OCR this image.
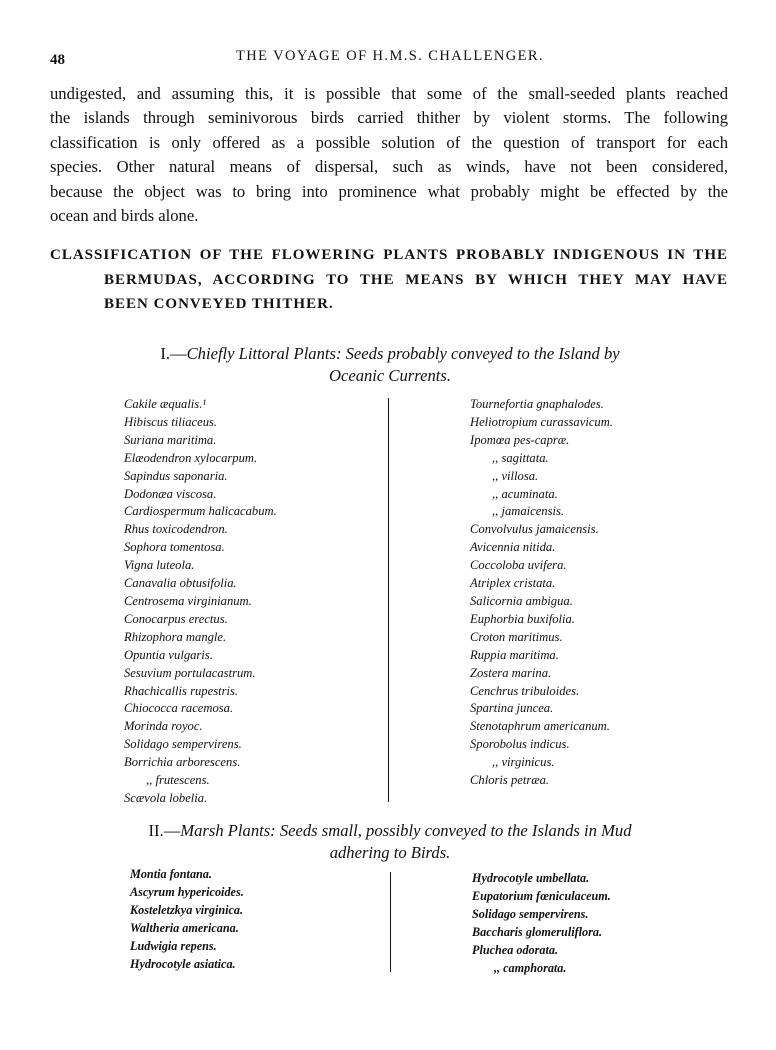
48	THE VOYAGE OF H.M.S. CHALLENGER.

undigested, and assuming this, it is possible that some of the small-seeded plants reached
the islands through seminivorous birds carried thither by violent storms. The following
classification is only offered as a possible solution of the question of transport for each
species. Other natural means of dispersal, such as winds, have not been considered,
because the object was to bring into prominence what probably might be effected by the
ocean and birds alone.

CLASSIFICATION OF THE FLOWERING PLANTS PROBABLY INDIGENOUS IN THE
BERMUDAS, ACCORDING TO THE MEANS BY WHICH THEY MAY HAVE
BEEN CONVEYED THITHER.
I.—Chiefly Littoral Plants: Seeds probably conveyed to the Island by
Oceanic Currents.
Cakile æqualis.¹
Hibiscus tiliaceus.
Suriana maritima.
Elæodendron xylocarpum.
Sapindus saponaria.
Dodonæa viscosa.
Cardiospermum halicacabum.
Rhus toxicodendron.
Sophora tomentosa.
Vigna luteola.
Canavalia obtusifolia.
Centrosema virginianum.
Conocarpus erectus.
Rhizophora mangle.
Opuntia vulgaris.
Sesuvium portulacastrum.
Rhachicallis rupestris.
Chiococca racemosa.
Morinda royoc.
Solidago sempervirens.
Borrichia arborescens.
,, frutescens.
Scævola lobelia.
Tournefortia gnaphalodes.
Heliotropium curassavicum.
Ipomœa pes-capræ.
,, sagittata.
,, villosa.
,, acuminata.
,, jamaicensis.
Convolvulus jamaicensis.
Avicennia nitida.
Coccoloba uvifera.
Atriplex cristata.
Salicornia ambigua.
Euphorbia buxifolia.
Croton maritimus.
Ruppia maritima.
Zostera marina.
Cenchrus tribuloides.
Spartina juncea.
Stenotaphrum americanum.
Sporobolus indicus.
,, virginicus.
Chloris petræa.
II.—Marsh Plants: Seeds small, possibly conveyed to the Islands in Mud
adhering to Birds.
Montia fontana.
Ascyrum hypericoides.
Kosteletzkya virginica.
Waltheria americana.
Ludwigia repens.
Hydrocotyle asiatica.
Hydrocotyle umbellata.
Eupatorium fœniculaceum.
Solidago sempervirens.
Baccharis glomeruliflora.
Pluchea odorata.
,, camphorata.
